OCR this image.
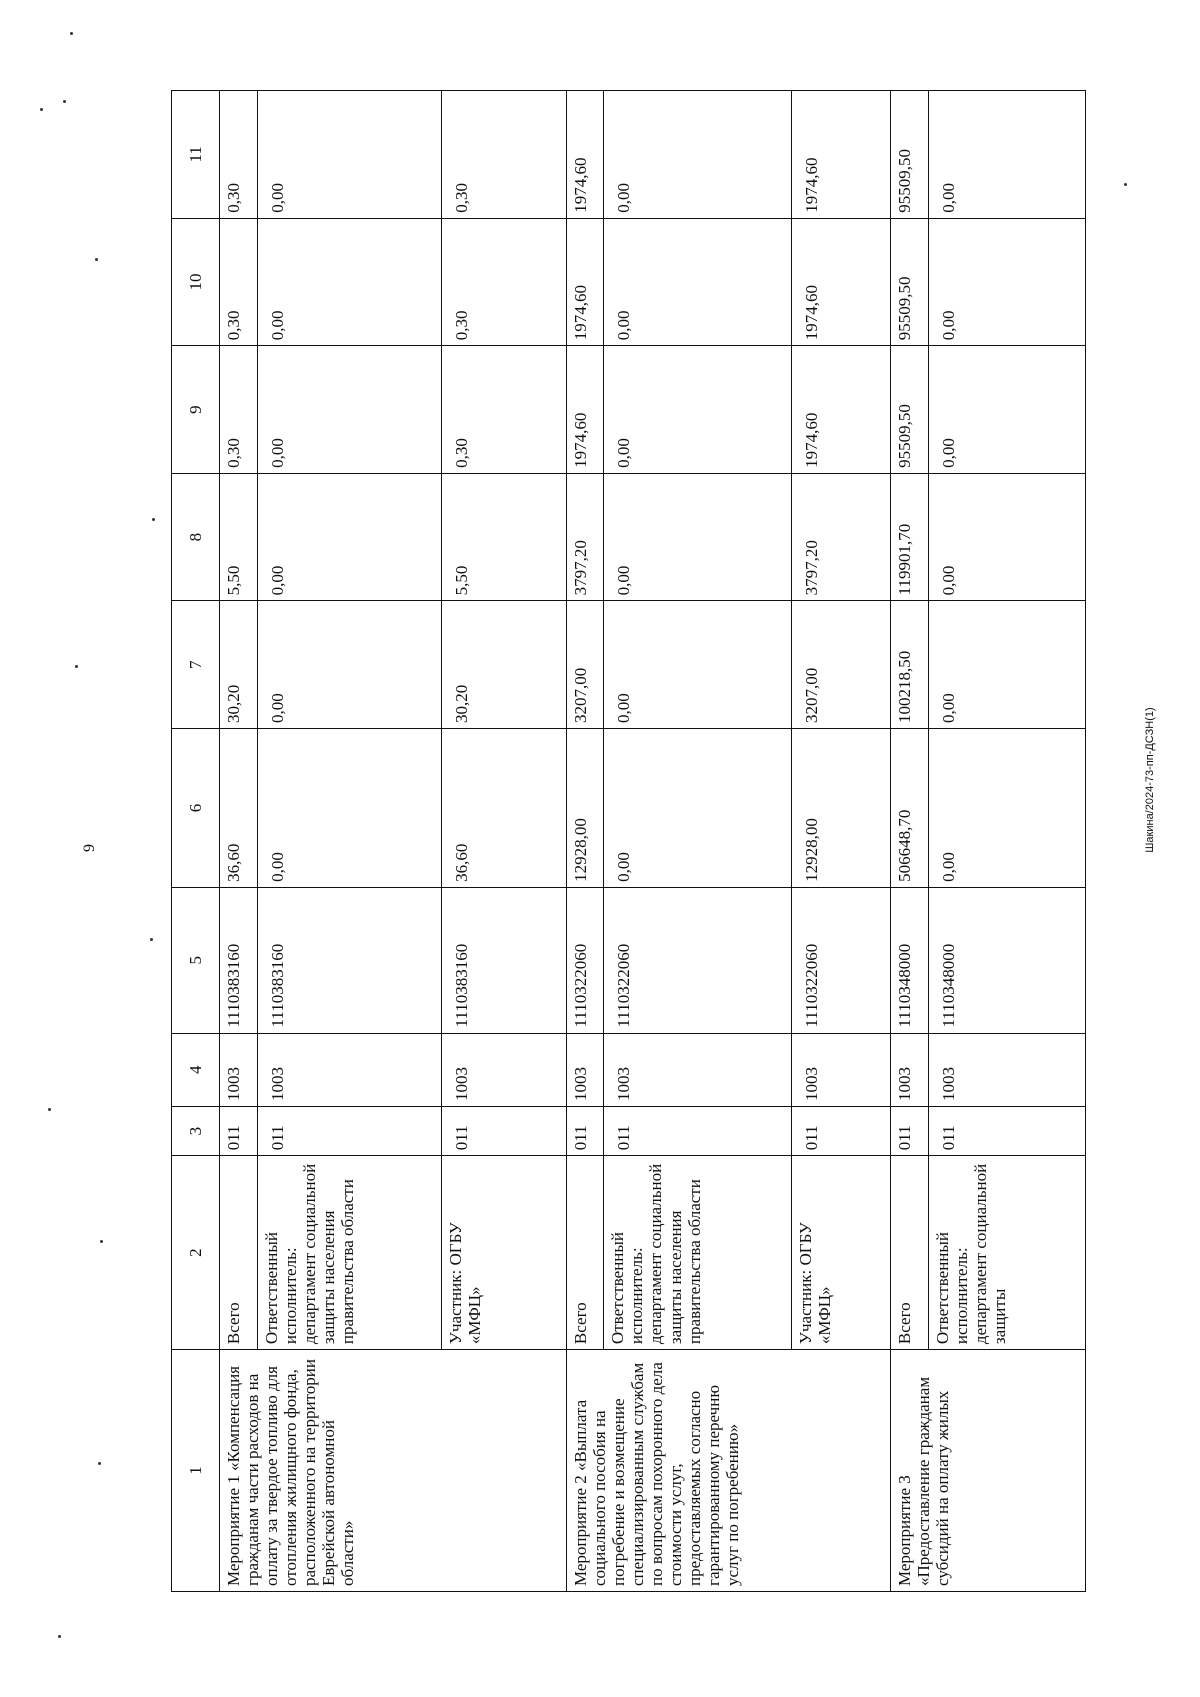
9	Шакина/2024-73-пп-ДСЗН(1)
1	2	3	4	5	6	7	8	9	10	11
Мероприятие 1 «Компенсация гражданам части расходов на оплату за твердое топливо для отопления жилищного фонда, расположенного на территории Еврейской автономной области»	Всего	011	1003	1110383160	36,60	30,20	5,50	0,30	0,30	0,30
	Ответственный исполнитель: департамент социальной защиты населения правительства области	011	1003	1110383160	0,00	0,00	0,00	0,00	0,00	0,00
	Участник: ОГБУ «МФЦ»	011	1003	1110383160	36,60	30,20	5,50	0,30	0,30	0,30
Мероприятие 2 «Выплата социального пособия на погребение и возмещение специализированным службам по вопросам похоронного дела стоимости услуг, предоставляемых согласно гарантированному перечню услуг по погребению»	Всего	011	1003	1110322060	12928,00	3207,00	3797,20	1974,60	1974,60	1974,60
	Ответственный исполнитель: департамент социальной защиты населения правительства области	011	1003	1110322060	0,00	0,00	0,00	0,00	0,00	0,00
	Участник: ОГБУ «МФЦ»	011	1003	1110322060	12928,00	3207,00	3797,20	1974,60	1974,60	1974,60
Мероприятие 3 «Предоставление гражданам субсидий на оплату жилых	Всего	011	1003	1110348000	506648,70	100218,50	119901,70	95509,50	95509,50	95509,50
	Ответственный исполнитель: департамент социальной защиты	011	1003	1110348000	0,00	0,00	0,00	0,00	0,00	0,00
